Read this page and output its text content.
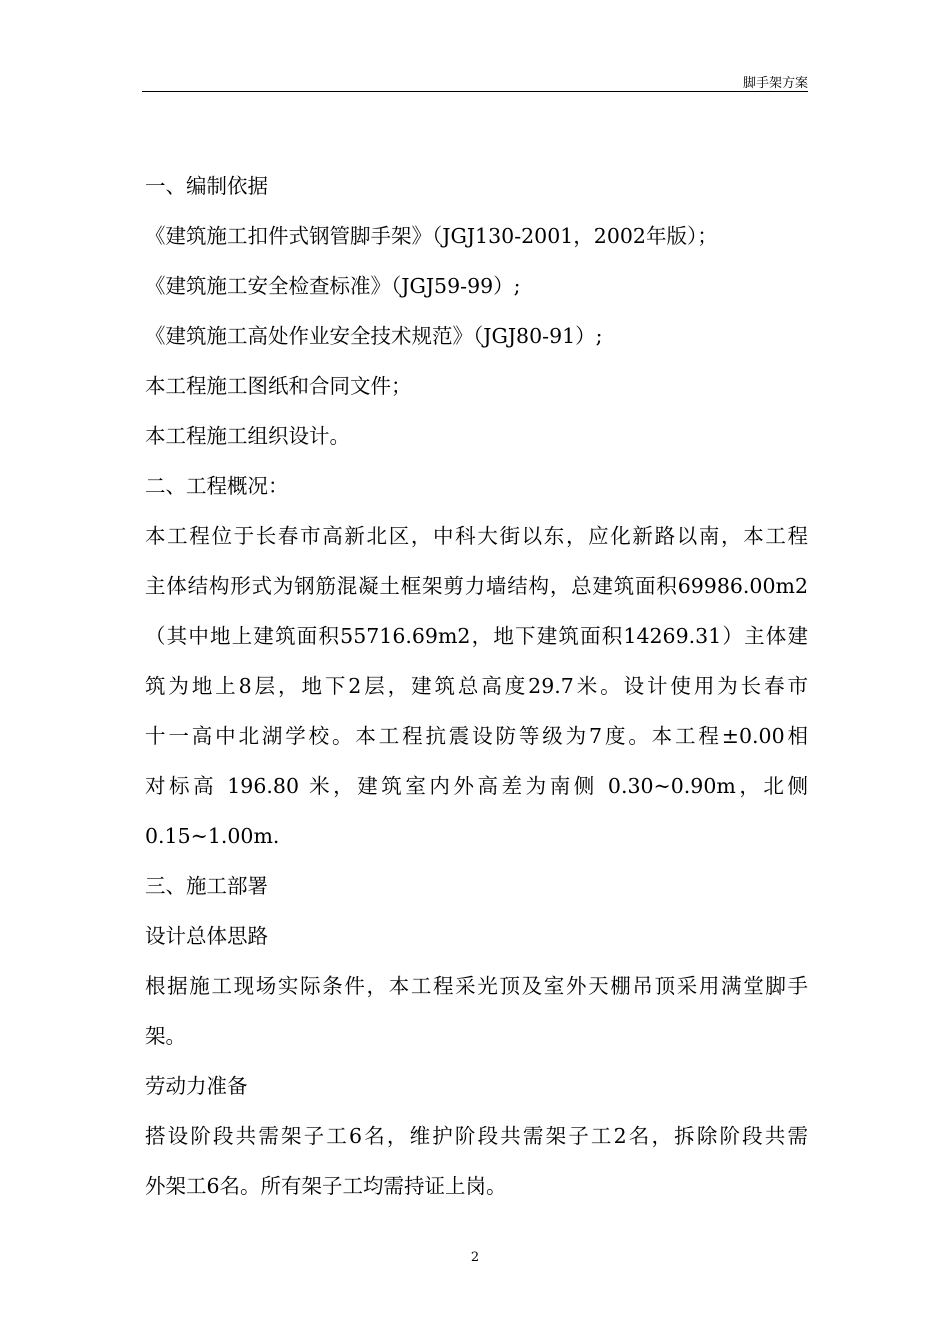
脚手架方案
一、编制依据
《建筑施工扣件式钢管脚手架》（JGJ130-2001，2002年版）；
《建筑施工安全检查标准》（JGJ59-99）;
《建筑施工高处作业安全技术规范》（JGJ80-91）;
本工程施工图纸和合同文件；
本工程施工组织设计。
二、工程概况：
本工程位于长春市高新北区，中科大街以东，应化新路以南，本工程
主体结构形式为钢筋混凝土框架剪力墙结构，总建筑面积69986.00m2
（其中地上建筑面积55716.69m2，地下建筑面积14269.31）主体建
筑为地上8层，地下2层，建筑总高度29.7米。设计使用为长春市
十一高中北湖学校。本工程抗震设防等级为7度。本工程±0.00相
对标高 196.80 米，建筑室内外高差为南侧 0.30~0.90m，北侧
0.15~1.00m.
三、施工部署
设计总体思路
根据施工现场实际条件，本工程采光顶及室外天棚吊顶采用满堂脚手
架。
劳动力准备
搭设阶段共需架子工6名，维护阶段共需架子工2名，拆除阶段共需
外架工6名。所有架子工均需持证上岗。
2
